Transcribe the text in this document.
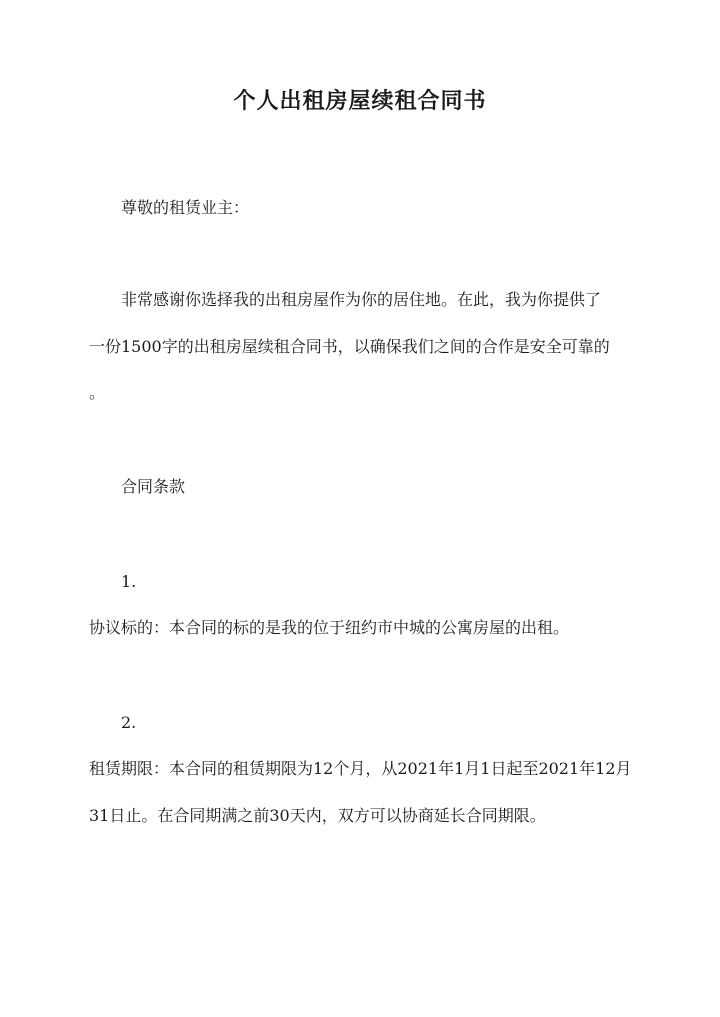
个人出租房屋续租合同书
尊敬的租赁业主：
非常感谢你选择我的出租房屋作为你的居住地。在此，我为你提供了
一份1500字的出租房屋续租合同书，以确保我们之间的合作是安全可靠的
。
合同条款
1.
协议标的：本合同的标的是我的位于纽约市中城的公寓房屋的出租。
2.
租赁期限：本合同的租赁期限为12个月，从2021年1月1日起至2021年12月
31日止。在合同期满之前30天内，双方可以协商延长合同期限。
